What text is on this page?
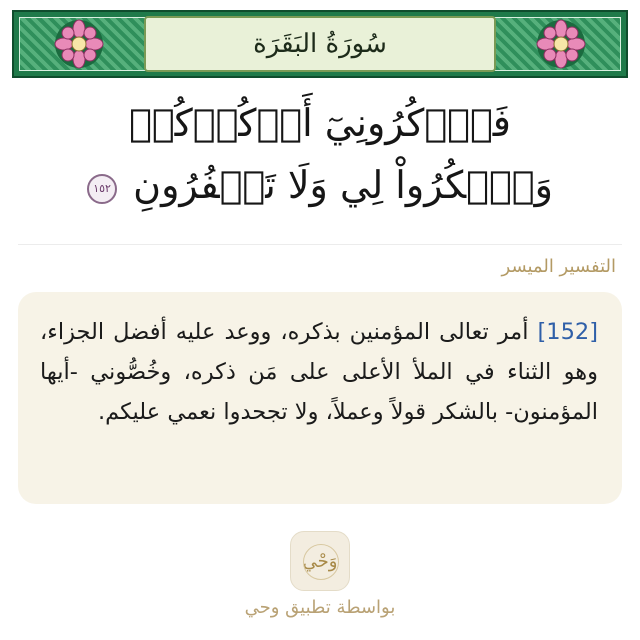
سُورَةُ البَقَرَة
فَٱذۡكُرُونِيٓ أَذۡكُرۡكُمۡ
وَٱشۡكُرُواْ لِي وَلَا تَكۡفُرُونِ ١٥٢
التفسير الميسر
[152] أمر تعالى المؤمنين بذكره، ووعد عليه أفضل الجزاء، وهو الثناء في الملأ الأعلى على مَن ذكره، وخُصُّوني -أيها المؤمنون- بالشكر قولاً وعملاً، ولا تجحدوا نعمي عليكم.
وَحْي
بواسطة تطبيق وحي
